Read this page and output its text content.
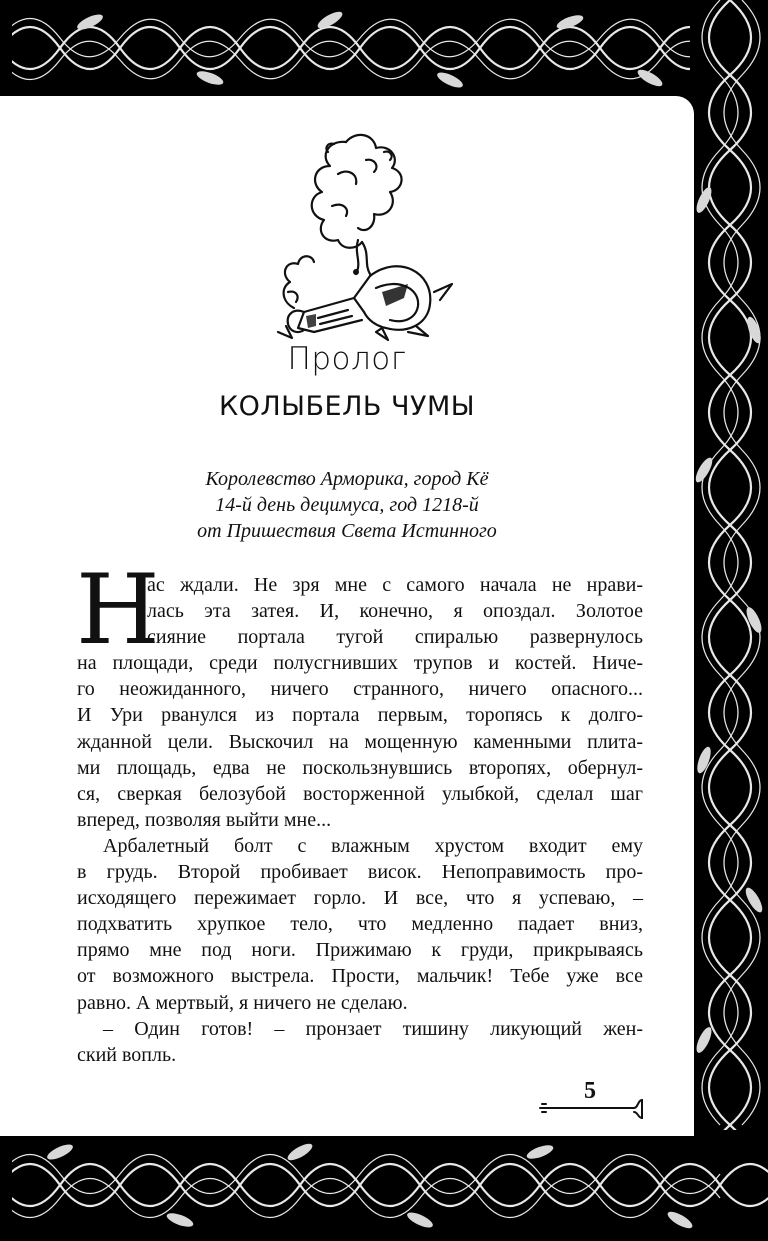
Пролог
КОЛЫБЕЛЬ ЧУМЫ
Королевство Арморика, город Кё
14-й день децимуса, год 1218-й
от Пришествия Света Истинного
Н
ас ждали. Не зря мне с самого начала не нрави-
лась эта затея. И, конечно, я опоздал. Золотое
сияние портала тугой спиралью развернулось
на площади, среди полусгнивших трупов и костей. Ниче-
го неожиданного, ничего странного, ничего опасного...
И Ури рванулся из портала первым, торопясь к долго-
жданной цели. Выскочил на мощенную каменными плита-
ми площадь, едва не поскользнувшись второпях, обернул-
ся, сверкая белозубой восторженной улыбкой, сделал шаг
вперед, позволяя выйти мне...
Арбалетный болт с влажным хрустом входит ему
в грудь. Второй пробивает висок. Непоправимость про-
исходящего пережимает горло. И все, что я успеваю, –
подхватить хрупкое тело, что медленно падает вниз,
прямо мне под ноги. Прижимаю к груди, прикрываясь
от возможного выстрела. Прости, мальчик! Тебе уже все
равно. А мертвый, я ничего не сделаю.
– Один готов! – пронзает тишину ликующий жен-
ский вопль.
5
